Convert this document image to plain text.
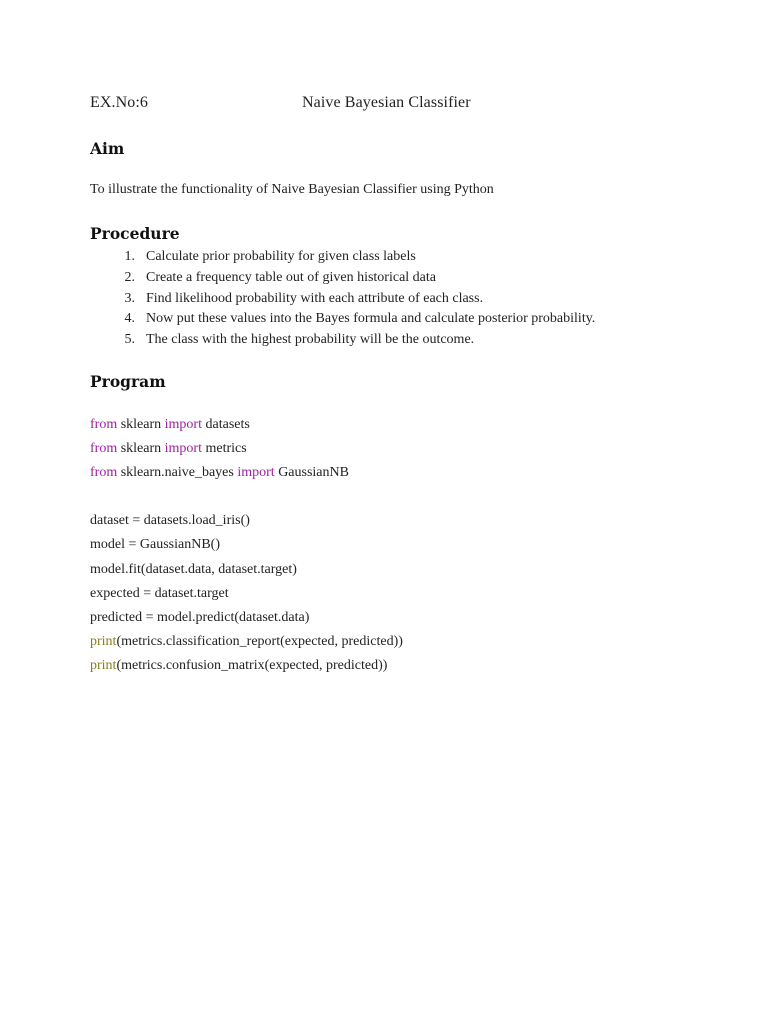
EX.No:6	Naive Bayesian Classifier
Aim
To illustrate the functionality of Naive Bayesian Classifier using Python
Procedure
1. Calculate prior probability for given class labels
2. Create a frequency table out of given historical data
3. Find likelihood probability with each attribute of each class.
4. Now put these values into the Bayes formula and calculate posterior probability.
5. The class with the highest probability will be the outcome.
Program
from sklearn import datasets
from sklearn import metrics
from sklearn.naive_bayes import GaussianNB
dataset = datasets.load_iris()
model = GaussianNB()
model.fit(dataset.data, dataset.target)
expected = dataset.target
predicted = model.predict(dataset.data)
print(metrics.classification_report(expected, predicted))
print(metrics.confusion_matrix(expected, predicted))
